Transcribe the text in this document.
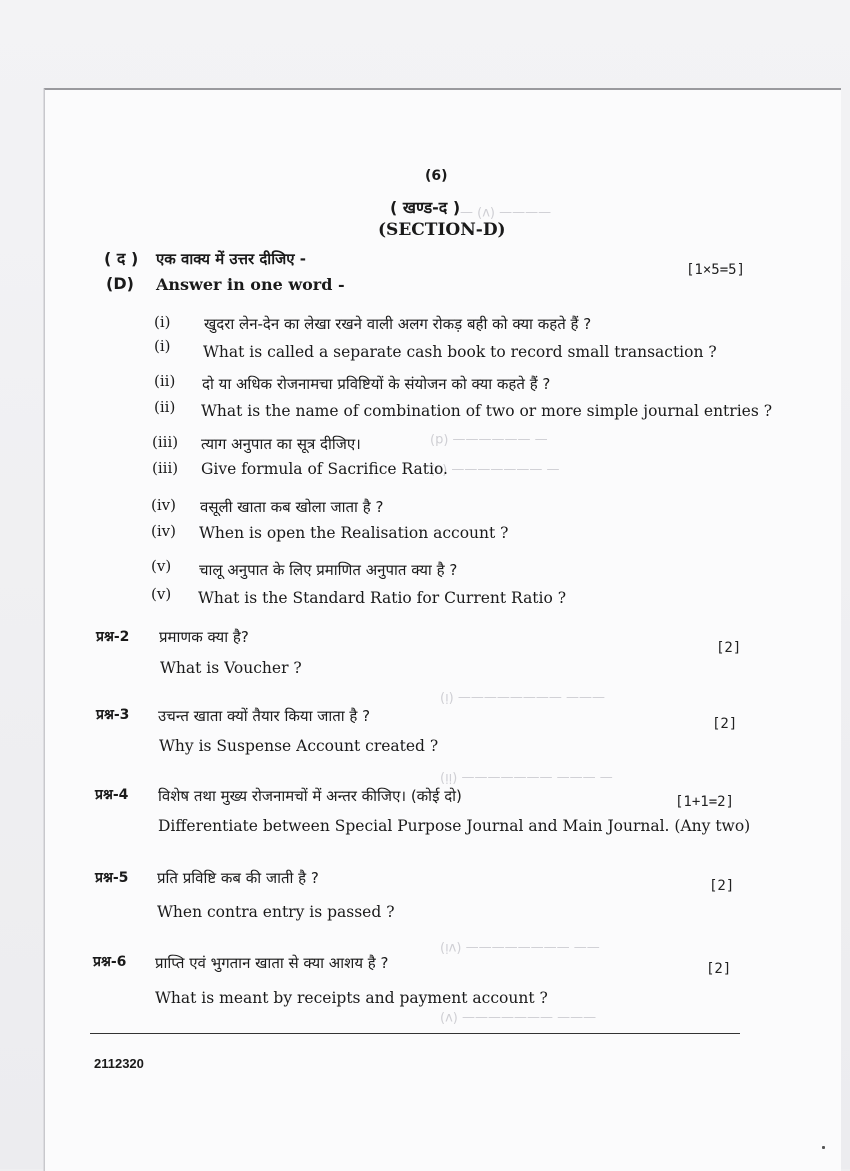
— (v) ————
(b) —————— —
(c) ——————— —
(i) ———————— ———
(ii) ——————— ——— —
(iv) ———————— ——
(v) ——————— ———
(6)
( खण्ड-द )
(SECTION-D)
( द ) एक वाक्य में उत्तर दीजिए -
[1×5=5]
(D) Answer in one word -
(i) खुदरा लेन-देन का लेखा रखने वाली अलग रोकड़ बही को क्या कहते हैं ?
(i) What is called a separate cash book to record small transaction ?
(ii) दो या अधिक रोजनामचा प्रविष्टियों के संयोजन को क्या कहते हैं ?
(ii) What is the name of combination of two or more simple journal entries ?
(iii) त्याग अनुपात का सूत्र दीजिए।
(iii) Give formula of Sacrifice Ratio.
(iv) वसूली खाता कब खोला जाता है ?
(iv) When is open the Realisation account ?
(v) चालू अनुपात के लिए प्रमाणित अनुपात क्या है ?
(v) What is the Standard Ratio for Current Ratio ?
प्रश्न-2 प्रमाणक क्या है?
[2]
What is Voucher ?
प्रश्न-3 उचन्त खाता क्यों तैयार किया जाता है ?	[2]
Why is Suspense Account created ?
प्रश्न-4 विशेष तथा मुख्य रोजनामचों में अन्तर कीजिए। (कोई दो)	[1+1=2]
Differentiate between Special Purpose Journal and Main Journal. (Any two)
प्रश्न-5 प्रति प्रविष्टि कब की जाती है ?	[2]
When contra entry is passed ?
प्रश्न-6 प्राप्ति एवं भुगतान खाता से क्या आशय है ?	[2]
What is meant by receipts and payment account ?
2112320
